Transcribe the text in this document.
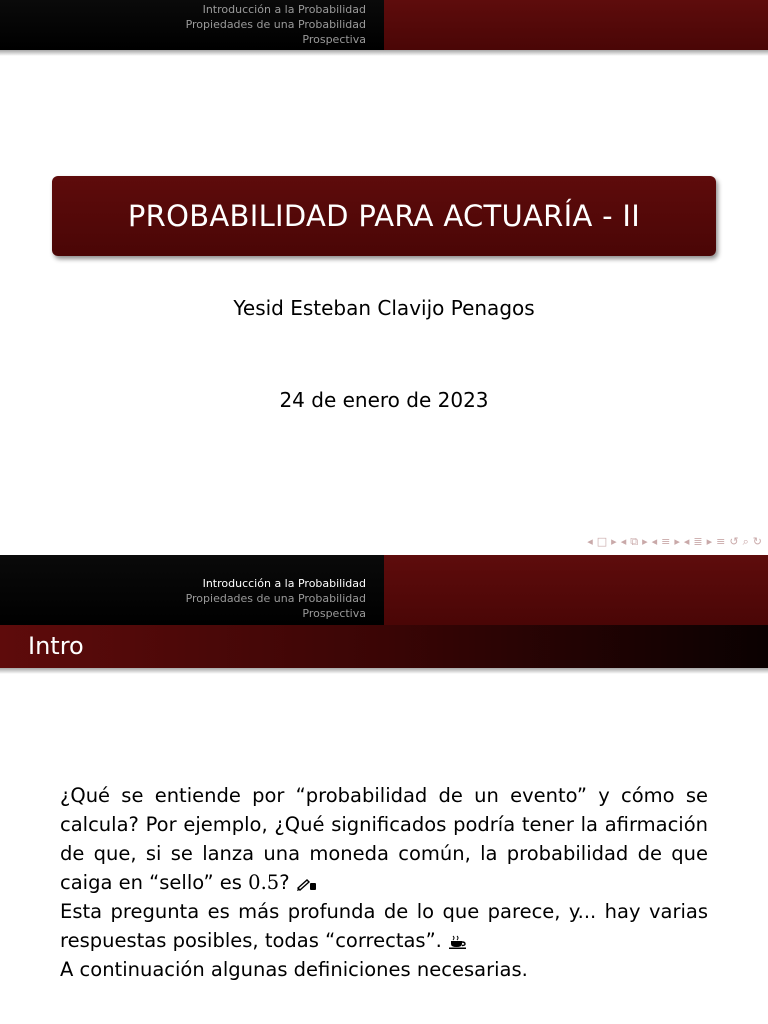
Introducción a la Probabilidad
Propiedades de una Probabilidad
Prospectiva
PROBABILIDAD PARA ACTUARÍA - II
Yesid Esteban Clavijo Penagos
24 de enero de 2023
◂ □ ▸ ◂ ⧉ ▸ ◂ ≡ ▸ ◂ ≣ ▸ ≡ ↺ ⌕ ↻
Introducción a la Probabilidad
Propiedades de una Probabilidad
Prospectiva
Intro
¿Qué se entiende por “probabilidad de un evento” y cómo se calcula? Por ejemplo, ¿Qué significados podría tener la afirmación de que, si se lanza una moneda común, la probabilidad de que caiga en “sello” es 0.5?
Esta pregunta es más profunda de lo que parece, y... hay varias respuestas posibles, todas “correctas”.
A continuación algunas definiciones necesarias.
